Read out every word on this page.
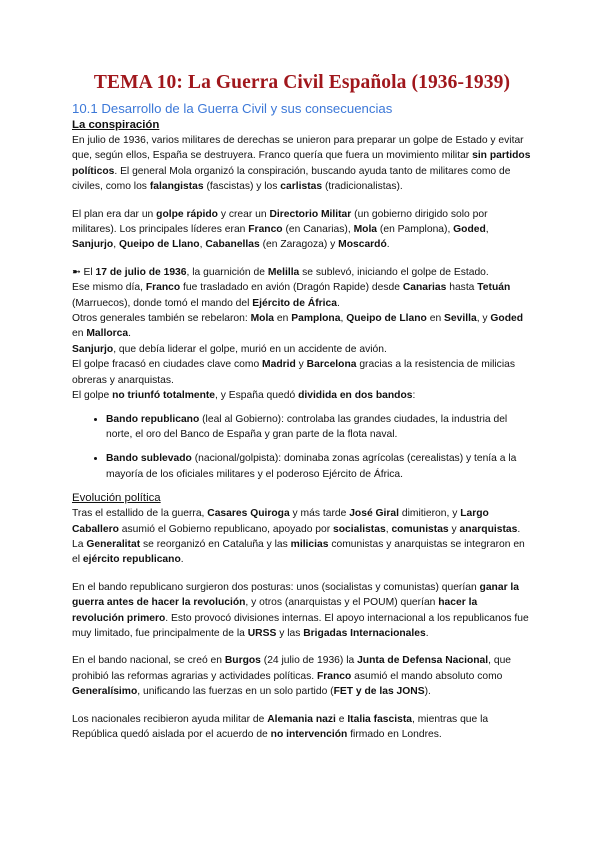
TEMA 10: La Guerra Civil Española (1936-1939)
10.1 Desarrollo de la Guerra Civil y sus consecuencias
La conspiración

En julio de 1936, varios militares de derechas se unieron para preparar un golpe de Estado y evitar que, según ellos, España se destruyera. Franco quería que fuera un movimiento militar sin partidos políticos. El general Mola organizó la conspiración, buscando ayuda tanto de militares como de civiles, como los falangistas (fascistas) y los carlistas (tradicionalistas).

El plan era dar un golpe rápido y crear un Directorio Militar (un gobierno dirigido solo por militares). Los principales líderes eran Franco (en Canarias), Mola (en Pamplona), Goded, Sanjurjo, Queipo de Llano, Cabanellas (en Zaragoza) y Moscardó.

➼ El 17 de julio de 1936, la guarnición de Melilla se sublevó, iniciando el golpe de Estado.

Ese mismo día, Franco fue trasladado en avión (Dragón Rapide) desde Canarias hasta Tetuán (Marruecos), donde tomó el mando del Ejército de África.

Otros generales también se rebelaron: Mola en Pamplona, Queipo de Llano en Sevilla, y Goded en Mallorca.

Sanjurjo, que debía liderar el golpe, murió en un accidente de avión.

El golpe fracasó en ciudades clave como Madrid y Barcelona gracias a la resistencia de milicias obreras y anarquistas.

El golpe no triunfó totalmente, y España quedó dividida en dos bandos:

• Bando republicano (leal al Gobierno): controlaba las grandes ciudades, la industria del norte, el oro del Banco de España y gran parte de la flota naval.
• Bando sublevado (nacional/golpista): dominaba zonas agrícolas (cerealistas) y tenía a la mayoría de los oficiales militares y el poderoso Ejército de África.
Evolución política

Tras el estallido de la guerra, Casares Quiroga y más tarde José Giral dimitieron, y Largo Caballero asumió el Gobierno republicano, apoyado por socialistas, comunistas y anarquistas. La Generalitat se reorganizó en Cataluña y las milicias comunistas y anarquistas se integraron en el ejército republicano.

En el bando republicano surgieron dos posturas: unos (socialistas y comunistas) querían ganar la guerra antes de hacer la revolución, y otros (anarquistas y el POUM) querían hacer la revolución primero. Esto provocó divisiones internas. El apoyo internacional a los republicanos fue muy limitado, fue principalmente de la URSS y las Brigadas Internacionales.

En el bando nacional, se creó en Burgos (24 julio de 1936) la Junta de Defensa Nacional, que prohibió las reformas agrarias y actividades políticas. Franco asumió el mando absoluto como Generalísimo, unificando las fuerzas en un solo partido (FET y de las JONS).

Los nacionales recibieron ayuda militar de Alemania nazi e Italia fascista, mientras que la República quedó aislada por el acuerdo de no intervención firmado en Londres.
